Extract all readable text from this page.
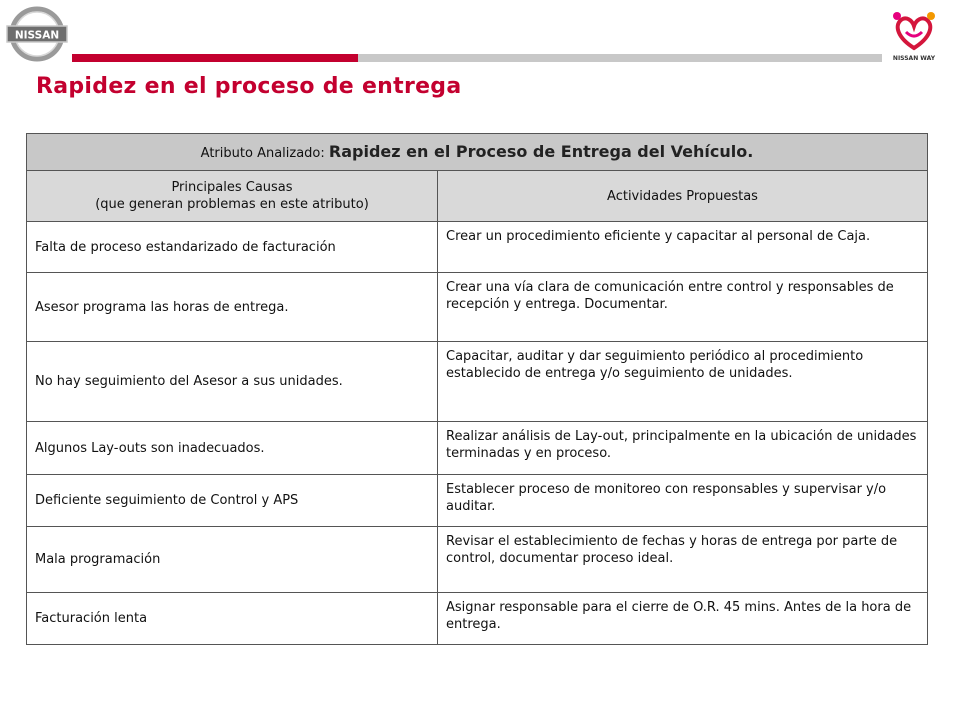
NISSAN
NISSAN WAY
Rapidez en el proceso de entrega
Atributo Analizado: Rapidez en el Proceso de Entrega del Vehículo.	

Principales Causas
(que generan problemas en este atributo)	Actividades Propuestas
Falta de proceso estandarizado de facturación	Crear un procedimiento eficiente y capacitar al personal de Caja.
Asesor programa las horas de entrega.	Crear una vía clara de comunicación entre control y responsables de recepción y entrega. Documentar.
No hay seguimiento del Asesor a sus unidades.	Capacitar, auditar y dar seguimiento periódico al procedimiento establecido de entrega y/o seguimiento de unidades.
Algunos Lay-outs son inadecuados.	Realizar análisis de Lay-out, principalmente en la ubicación de unidades terminadas y en proceso.
Deficiente seguimiento de Control y APS	Establecer proceso de monitoreo con responsables y supervisar y/o auditar.
Mala programación	Revisar el establecimiento de fechas y horas de entrega por parte de control, documentar proceso ideal.
Facturación lenta	Asignar responsable para el cierre de O.R. 45 mins. Antes de la hora de entrega.
